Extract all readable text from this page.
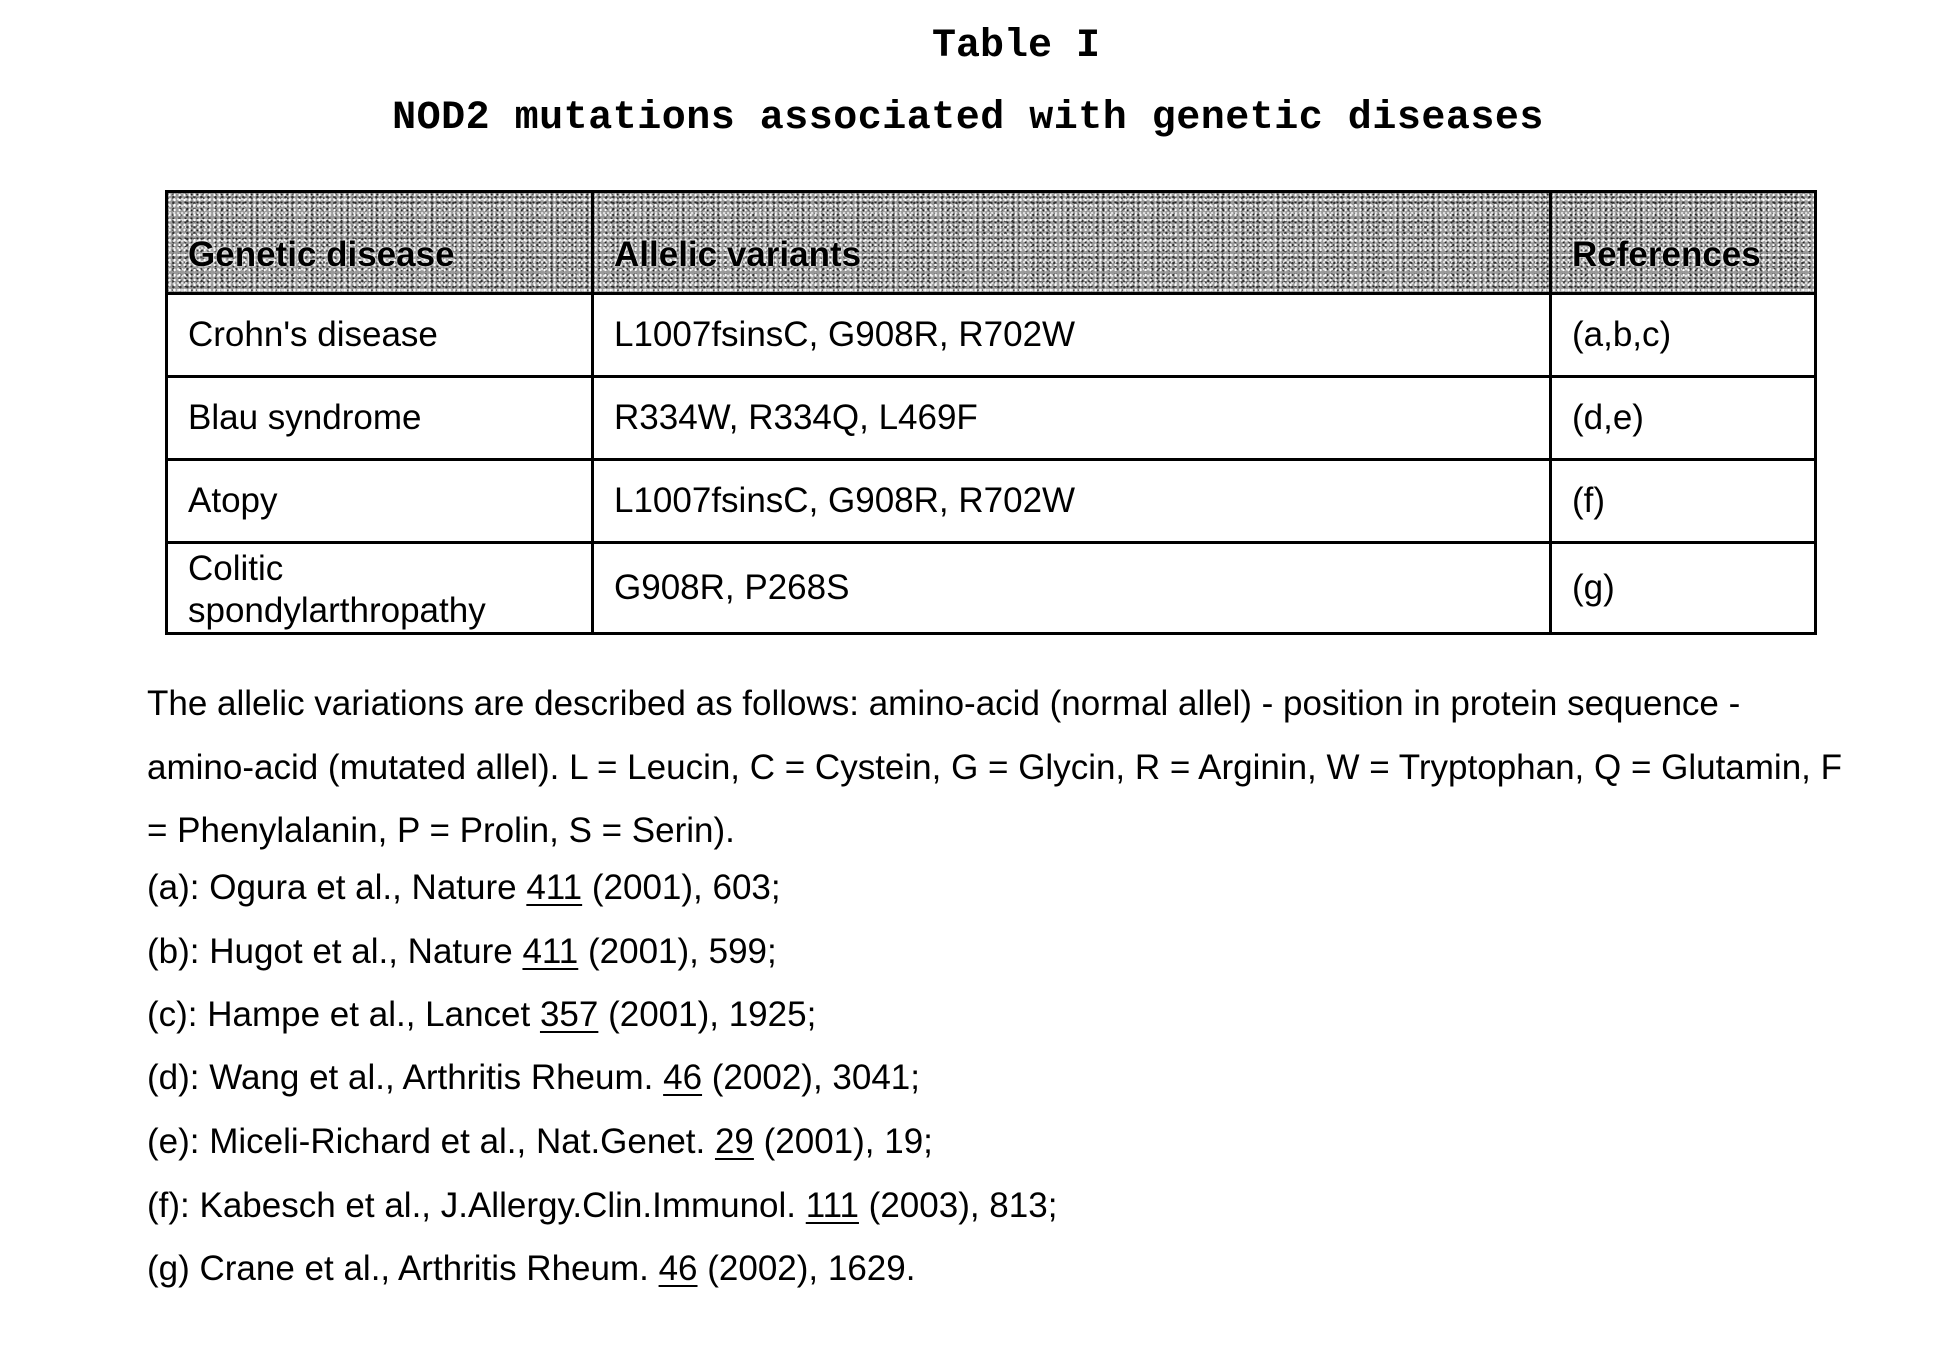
Table I
NOD2 mutations associated with genetic diseases
Genetic disease	Allelic variants	References
Crohn's disease	L1007fsinsC, G908R, R702W	(a,b,c)
Blau syndrome	R334W, R334Q, L469F	(d,e)
Atopy	L1007fsinsC, G908R, R702W	(f)
Colitic
spondylarthropathy	G908R, P268S	(g)
The allelic variations are described as follows: amino-acid (normal allel) - position in protein sequence - amino-acid (mutated allel). L = Leucin, C = Cystein, G = Glycin, R = Arginin, W = Tryptophan, Q = Glutamin, F = Phenylalanin, P = Prolin, S = Serin).
(a): Ogura et al., Nature 411 (2001), 603;
(b): Hugot et al., Nature 411 (2001), 599;
(c): Hampe et al., Lancet 357 (2001), 1925;
(d): Wang et al., Arthritis Rheum. 46 (2002), 3041;
(e): Miceli-Richard et al., Nat.Genet. 29 (2001), 19;
(f): Kabesch et al., J.Allergy.Clin.Immunol. 111 (2003), 813;
(g) Crane et al., Arthritis Rheum. 46 (2002), 1629.
